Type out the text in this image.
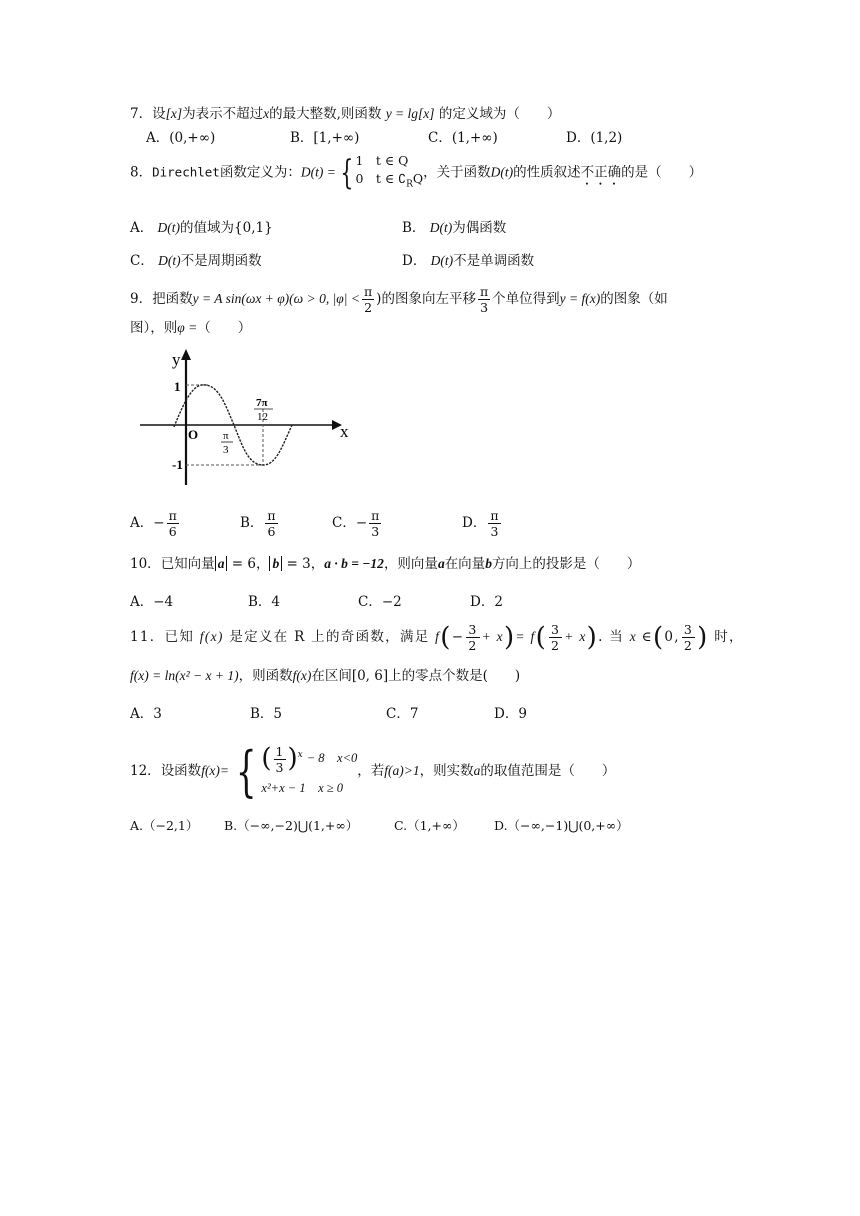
7．设[x]为表示不超过x的最大整数,则函数 y = lg[x] 的定义域为（　　）
A．(0,+∞)	B．[1,+∞)	C．(1,+∞)	D．(1,2)
8．Direchlet函数定义为：D(t) = { 1　t ∈ Q
0　t ∈ $∁_RQ$ ，关于函数D(t)的性质叙述不正确的是（　　）
A． D(t)的值域为{0,1}	B． D(t)为偶函数
C． D(t)不是周期函数	D． D(t)不是单调函数
9．把函数y = A sin(ωx + φ)(ω > 0, $|\varphi| < \frac{\pi}{2}$ )的图象向左平移 $\frac{\pi}{3}$ 个单位得到y = f(x)的图象（如
图），则φ =（　　）
y
x
O
1
-1
π
3
7π
12
A．− $\frac{\pi}{6}$	B． $\frac{\pi}{6}$	C．− $\frac{\pi}{3}$	D． $\frac{\pi}{3}$
10．已知向量 a = 6， b = 3，a · b = −12，则向量a在向量b方向上的投影是（　　）
A．−4	B．4	C．−2	D．2
11．已知 f(x) 是定义在 R 上的奇函数，满足 $f(- \frac{3}{2} + x)= f( \frac{3}{2} + x)$. 当 x ∈(0, $\frac{3}{2}$ ) 时，
f(x) = ln(x² − x + 1)，则函数f(x)在区间[0, 6]上的零点个数是(　　)
A．3	B．5	C．7	D．9
12．设函数f(x)= { ( $\frac{1}{3} )^x - 8$　x<0
x²+x − 1　x ≥ 0
，若f(a)>1，则实数a的取值范围是（　　）
A.（−2,1） B.（−∞,−2)⋃(1,+∞）	C.（1,+∞） D.（−∞,−1)⋃(0,+∞）
